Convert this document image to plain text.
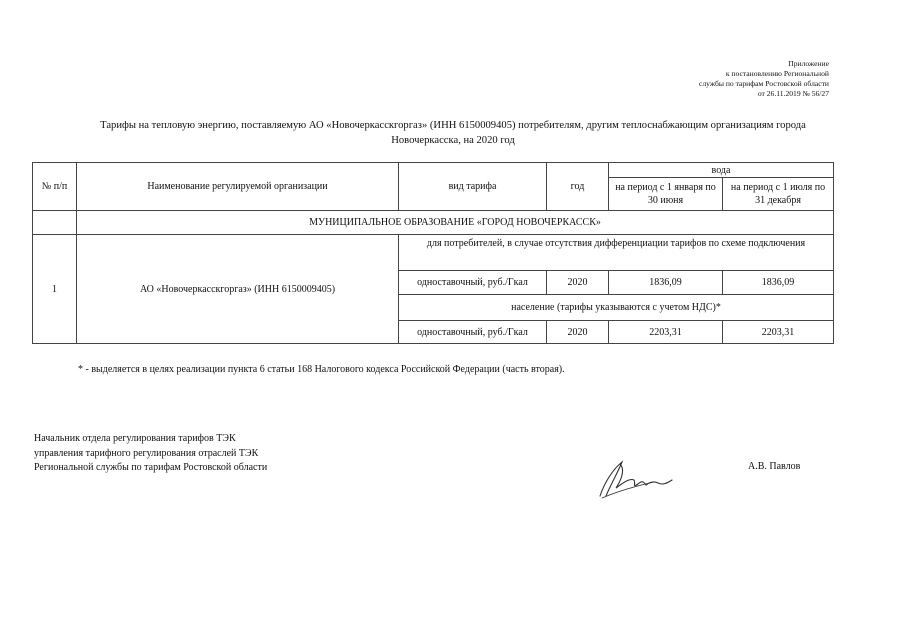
Приложение
к постановлению Региональной
службы по тарифам Ростовской области
от 26.11.2019 № 56/27
Тарифы на тепловую энергию, поставляемую АО «Новочеркасскгоргаз» (ИНН 6150009405) потребителям, другим теплоснабжающим организациям города
Новочеркасска, на 2020 год
№ п/п	Наименование регулируемой организации	вид тарифа	год	вода	
				на период с 1 января по 30 июня	на период с 1 июля по 31 декабря
	МУНИЦИПАЛЬНОЕ ОБРАЗОВАНИЕ «ГОРОД НОВОЧЕРКАССК»				
1	АО «Новочеркасскгоргаз» (ИНН 6150009405)	для потребителей, в случае отсутствия дифференциации тарифов по схеме подключения			
		одноставочный, руб./Гкал	2020	1836,09	1836,09
		население (тарифы указываются с учетом НДС)*			
		одноставочный, руб./Гкал	2020	2203,31	2203,31
* - выделяется в целях реализации пункта 6 статьи 168 Налогового кодекса Российской Федерации (часть вторая).
Начальник отдела регулирования тарифов ТЭК
управления тарифного регулирования отраслей ТЭК
Региональной службы по тарифам Ростовской области	А.В. Павлов
